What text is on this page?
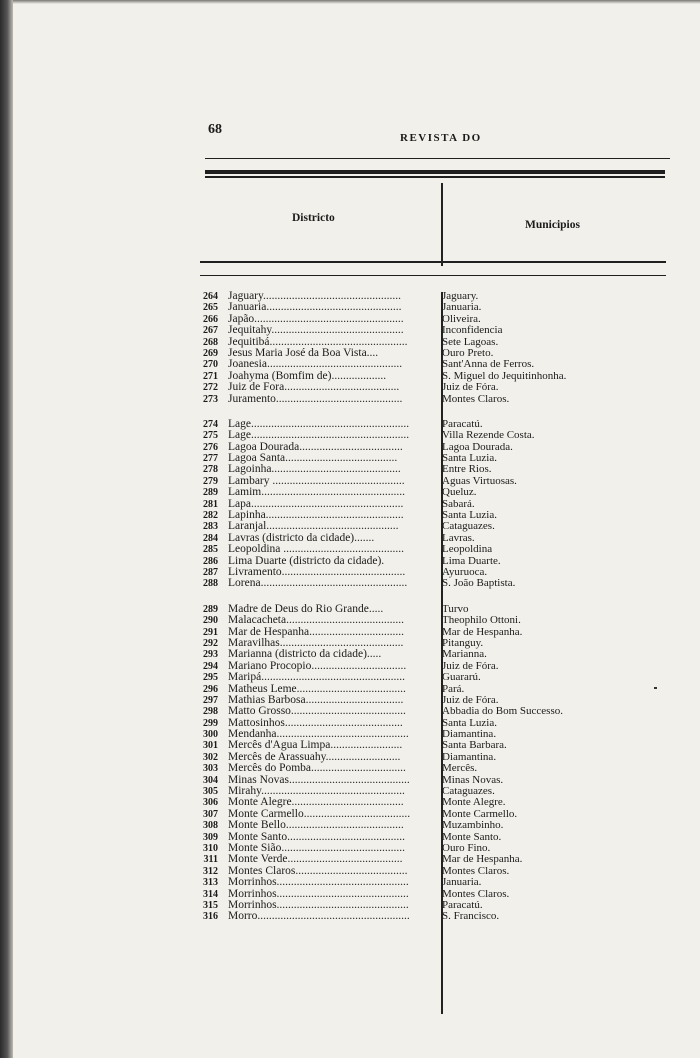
68
REVISTA DO
Districto
Municipios
264 Jaguary................................................	Jaguary.
265 Januaria...............................................	Januaria.
266 Japão....................................................	Oliveira.
267 Jequitahy..............................................	Inconfidencia
268 Jequitibá................................................	Sete Lagoas.
269 Jesus Maria José da Boa Vista....	Ouro Preto.
270 Joanesia...............................................	Sant'Anna de Ferros.
271 Joahyma (Bomfim de)...................	S. Miguel do Jequitinhonha.
272 Juiz de Fora........................................	Juiz de Fóra.
273 Juramento............................................	Montes Claros.
274 Lage.......................................................	Paracatú.
275 Lage.......................................................	Villa Rezende Costa.
276 Lagoa Dourada....................................	Lagoa Dourada.
277 Lagoa Santa.......................................	Santa Luzia.
278 Lagoinha.............................................	Entre Rios.
279 Lambary ..............................................	Aguas Virtuosas.
289 Lamim..................................................	Queluz.
281 Lapa.....................................................	Sabará.
282 Lapinha................................................	Santa Luzia.
283 Laranjal..............................................	Cataguazes.
284 Lavras (districto da cidade).......	Lavras.
285 Leopoldina ..........................................	Leopoldina
286 Lima Duarte (districto da cidade).	Lima Duarte.
287 Livramento...........................................	Ayuruoca.
288 Lorena...................................................	S. João Baptista.
289 Madre de Deus do Rio Grande.....	Turvo
290 Malacacheta.........................................	Theophilo Ottoni.
291 Mar de Hespanha.................................	Mar de Hespanha.
292 Maravilhas...........................................	Pitanguy.
293 Marianna (districto da cidade).....	Marianna.
294 Mariano Procopio.................................	Juiz de Fóra.
295 Maripá..................................................	Guararú.
296 Matheus Leme......................................	Pará.
297 Mathias Barbosa..................................	Juiz de Fóra.
298 Matto Grosso........................................	Abbadia do Bom Successo.
299 Mattosinhos.........................................	Santa Luzia.
300 Mendanha..............................................	Diamantina.
301 Mercês d'Agua Limpa.........................	Santa Barbara.
302 Mercês de Arassuahy..........................	Diamantina.
303 Mercês do Pomba.................................	Mercês.
304 Minas Novas..........................................	Minas Novas.
305 Mirahy..................................................	Cataguazes.
306 Monte Alegre.......................................	Monte Alegre.
307 Monte Carmello.....................................	Monte Carmello.
308 Monte Bello.........................................	Muzambinho.
309 Monte Santo.........................................	Monte Santo.
310 Monte Sião...........................................	Ouro Fino.
311 Monte Verde........................................	Mar de Hespanha.
312 Montes Claros.......................................	Montes Claros.
313 Morrinhos..............................................	Januaria.
314 Morrinhos..............................................	Montes Claros.
315 Morrinhos..............................................	Paracatú.
316 Morro.....................................................	S. Francisco.
